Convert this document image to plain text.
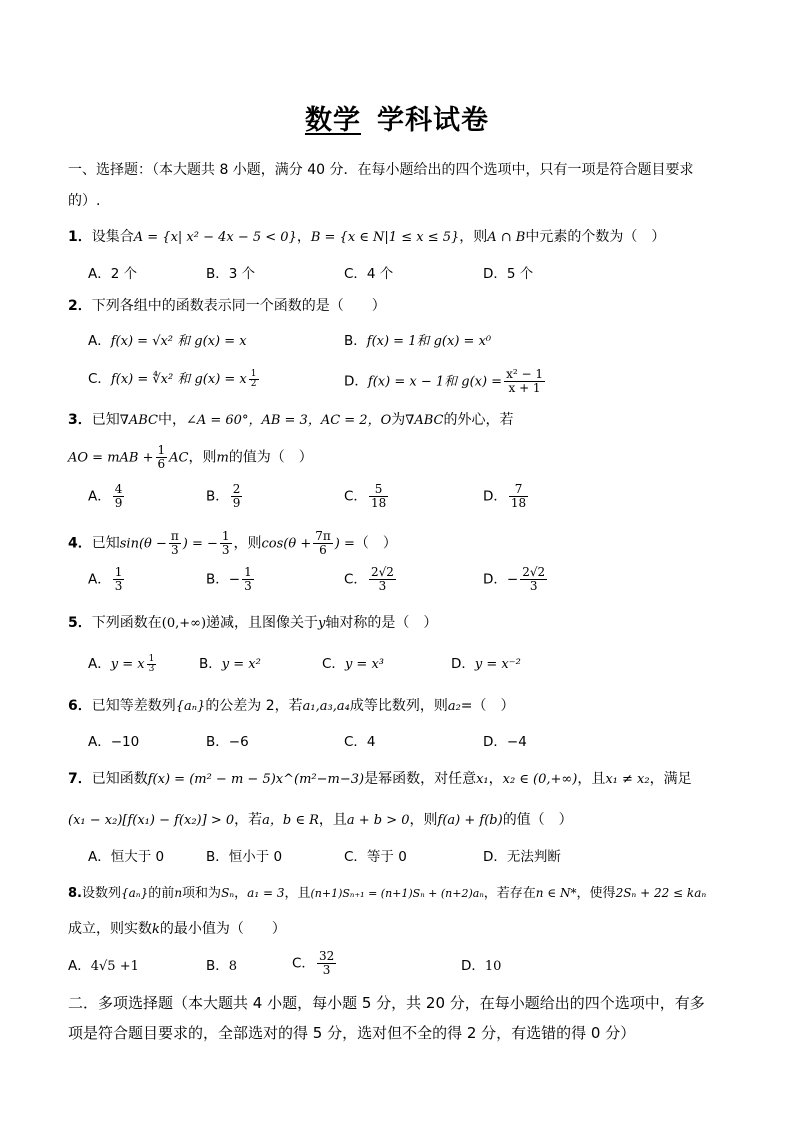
数学 学科试卷
一、选择题：（本大题共 8 小题，满分 40 分．在每小题给出的四个选项中，只有一项是符合题目要求
的）.
1．设集合A = {x| x² − 4x − 5 < 0}，B = {x ∈ N|1 ≤ x ≤ 5}，则A ∩ B中元素的个数为（　）
A．2 个	B．3 个	C．4 个	D．5 个
2．下列各组中的函数表示同一个函数的是（　　）
A．f(x) = √x² 和 g(x) = x	B．f(x) = 1和 g(x) = x⁰
C．f(x) = ∜x² 和 g(x) = x $\frac{1}{2}$	D．f(x) = x − 1和 $g(x) = \frac{\text{x² − 1}}{x + 1}$
3．已知∇ABC中，∠A = 60°，AB = 3，AC = 2，O为∇ABC的外心，若
AO = mAB + $\frac{1}{6}$ AC，则m的值为（　）
A． $\frac{4}{9}$	B． $\frac{2}{9}$	C． $\frac{5}{18}$	D． $\frac{7}{18}$
4．已知$\sin(\theta - \frac{\pi}{3}$ ) = − $\frac{1}{3}$ ，则$\cos(\theta + \frac{7\pi}{6}$ ) =（　）
A． $\frac{1}{3}$	B．− $\frac{1}{3}$	C． $\frac{2√2}{3}$	D．− $\frac{2√2}{3}$
5．下列函数在(0,+∞)递减，且图像关于y轴对称的是（　）
A．y = x $\frac{1}{3}$	B．y = x²	C．y = x³	D．y = x⁻²
6．已知等差数列{aₙ}的公差为 2，若a₁,a₃,a₄成等比数列，则a₂=（　）
A．−10	B．−6	C．4	D．−4
7．已知函数f(x) = (m² − m − 5)x^(m²−m−3)是幂函数，对任意x₁，x₂ ∈ (0,+∞)，且x₁ ≠ x₂，满足
(x₁ − x₂)[f(x₁) − f(x₂)] > 0，若a，b ∈ R，且a + b > 0，则f(a) + f(b)的值（　）
A．恒大于 0	B．恒小于 0	C．等于 0	D．无法判断
8.设数列{aₙ}的前n项和为Sₙ，a₁ = 3，且(n+1)Sₙ₊₁ = (n+1)Sₙ + (n+2)aₙ，若存在n ∈ N*，使得2Sₙ + 22 ≤ kaₙ
成立，则实数k的最小值为（　　）
A．4√5 +1	B．8	C． $\frac{32}{3}$	D．10
二．多项选择题（本大题共 4 小题，每小题 5 分，共 20 分，在每小题给出的四个选项中，有多
项是符合题目要求的，全部选对的得 5 分，选对但不全的得 2 分，有选错的得 0 分）
